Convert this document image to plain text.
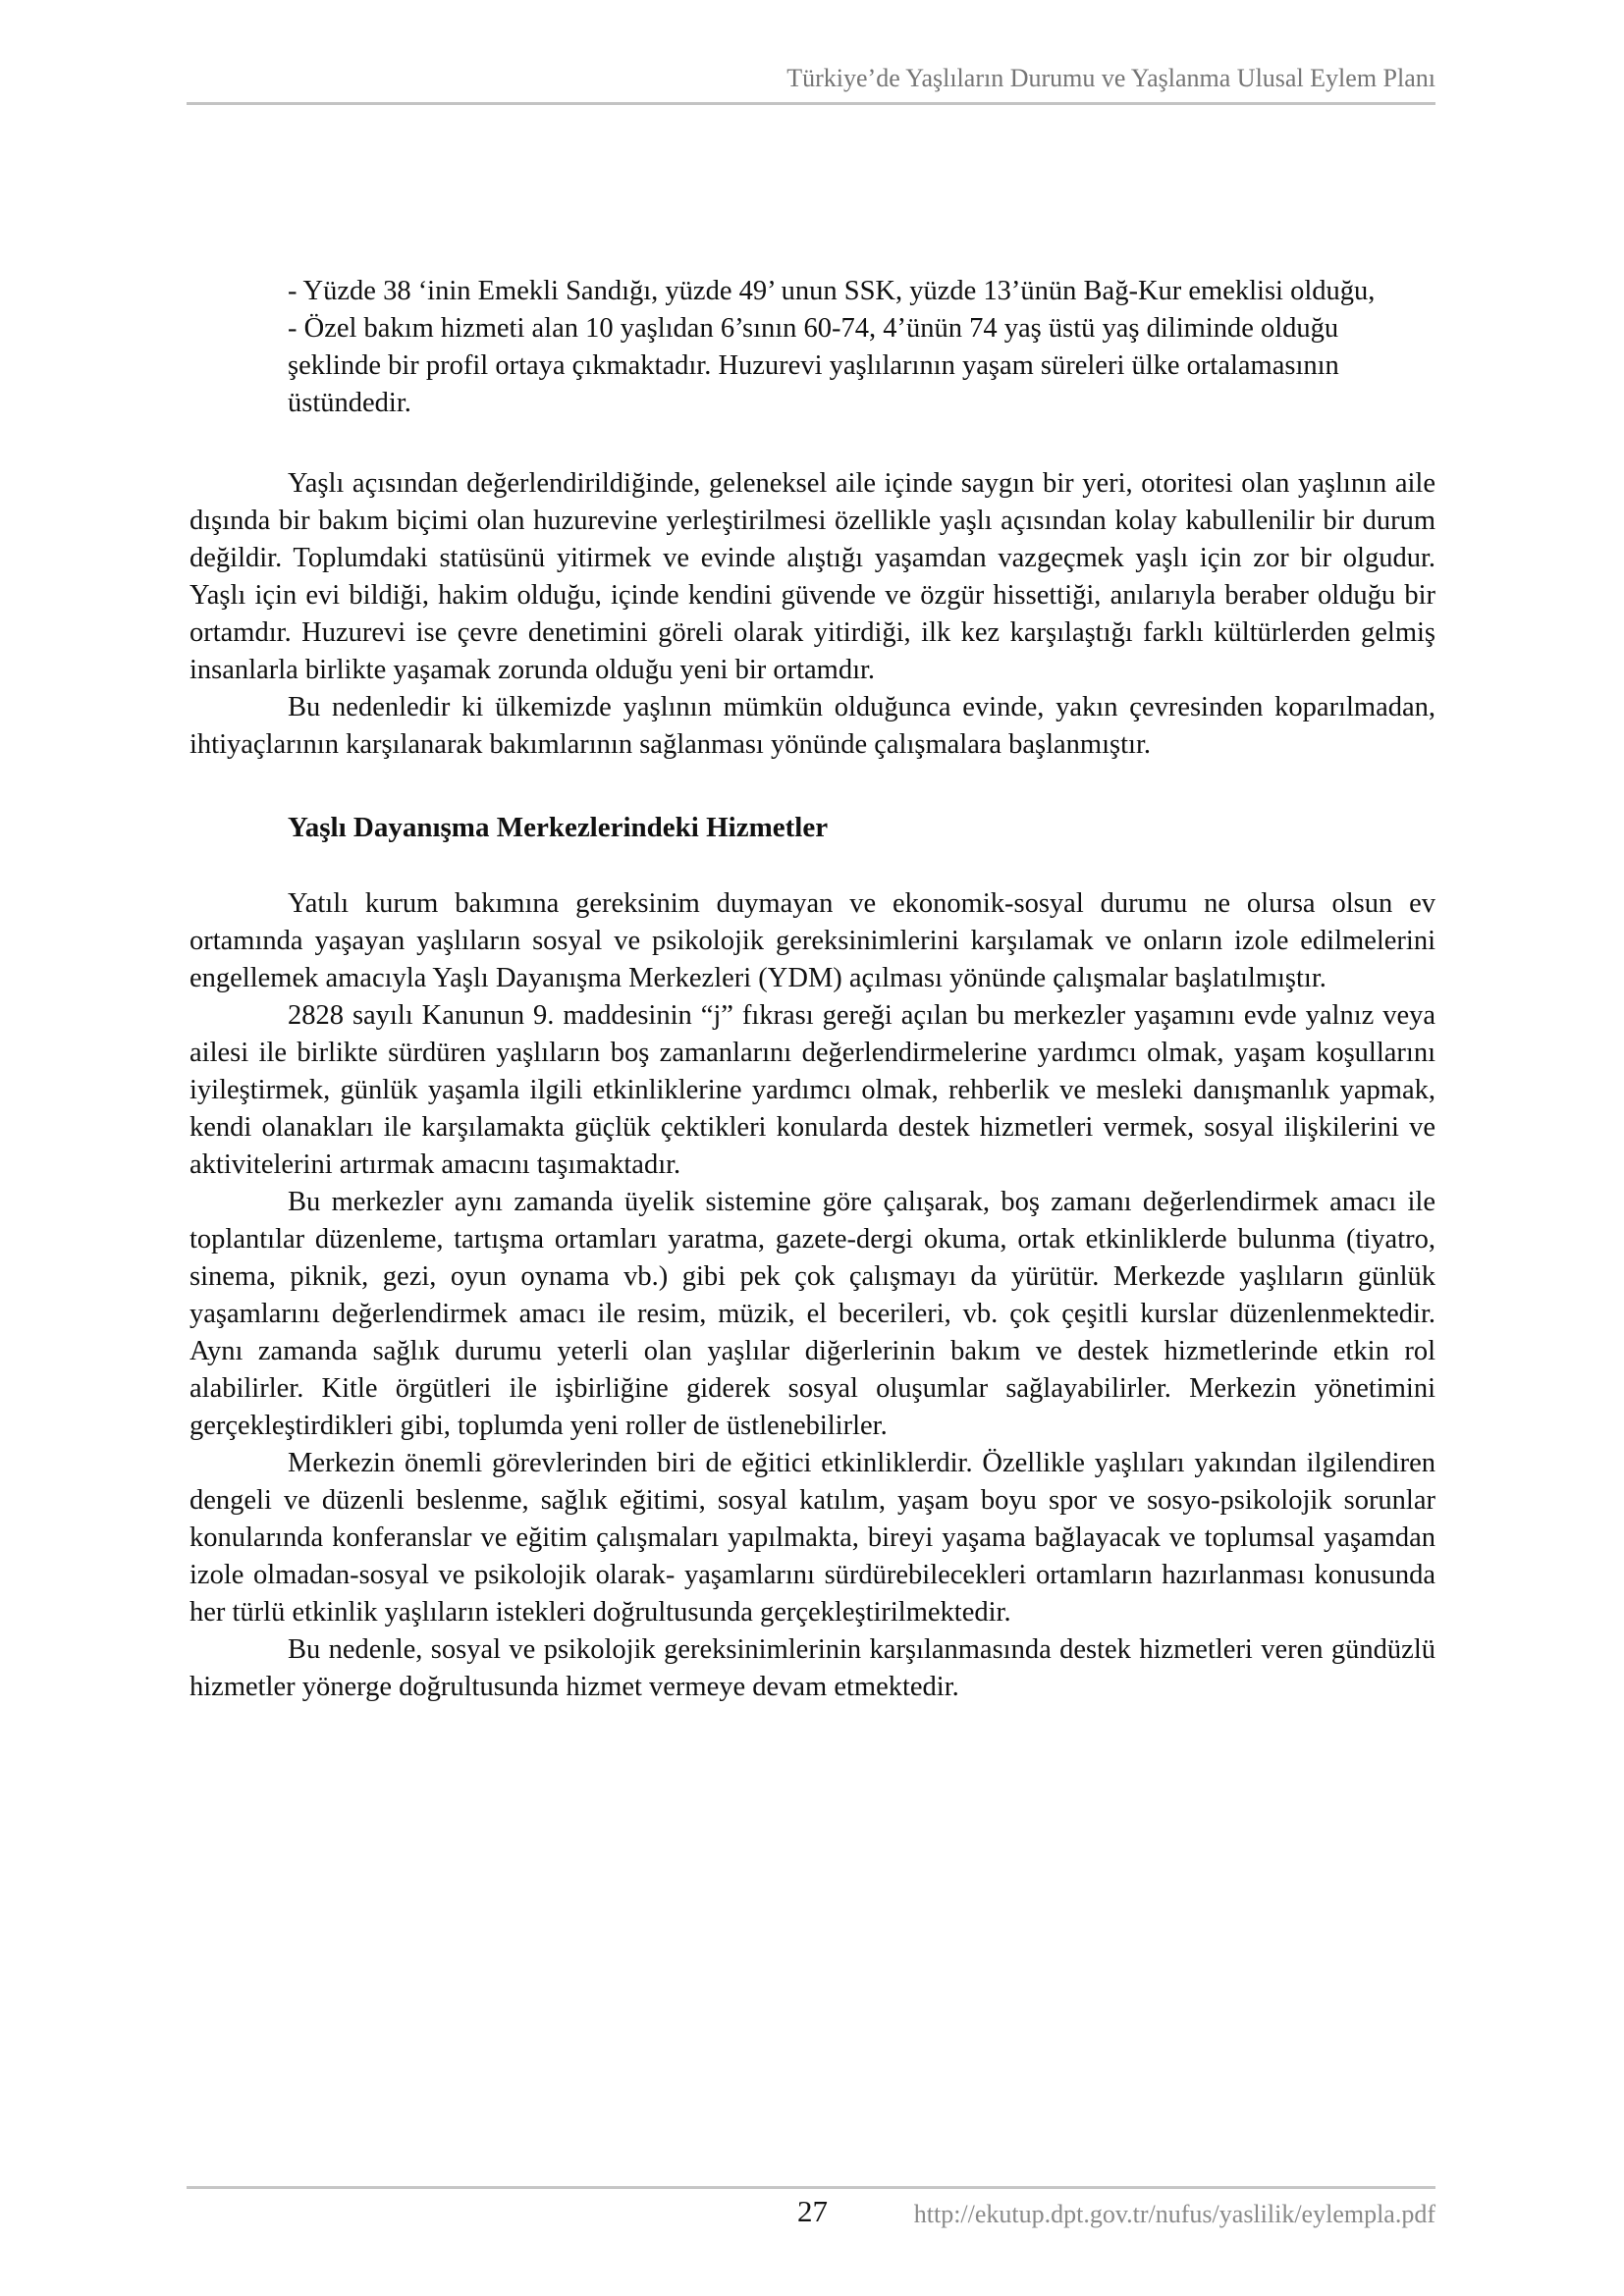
Türkiye’de Yaşlıların Durumu ve Yaşlanma Ulusal Eylem Planı

- Yüzde 38 ‘inin Emekli Sandığı, yüzde 49’ unun SSK, yüzde 13’ünün Bağ-Kur emeklisi olduğu,

- Özel bakım hizmeti alan 10 yaşlıdan 6’sının 60-74, 4’ünün 74 yaş üstü yaş diliminde olduğu şeklinde bir profil ortaya çıkmaktadır. Huzurevi yaşlılarının yaşam süreleri ülke ortalamasının üstündedir.

Yaşlı açısından değerlendirildiğinde, geleneksel aile içinde saygın bir yeri, otoritesi olan yaşlının aile dışında bir bakım biçimi olan huzurevine yerleştirilmesi özellikle yaşlı açısından kolay kabullenilir bir durum değildir. Toplumdaki statüsünü yitirmek ve evinde alıştığı yaşamdan vazgeçmek yaşlı için zor bir olgudur. Yaşlı için evi bildiği, hakim olduğu, içinde kendini güvende ve özgür hissettiği, anılarıyla beraber olduğu bir ortamdır. Huzurevi ise çevre denetimini göreli olarak yitirdiği, ilk kez karşılaştığı farklı kültürlerden gelmiş insanlarla birlikte yaşamak zorunda olduğu yeni bir ortamdır.

Bu nedenledir ki ülkemizde yaşlının mümkün olduğunca evinde, yakın çevresinden koparılmadan, ihtiyaçlarının karşılanarak bakımlarının sağlanması yönünde çalışmalara başlanmıştır.

Yaşlı Dayanışma Merkezlerindeki Hizmetler

Yatılı kurum bakımına gereksinim duymayan ve ekonomik-sosyal durumu ne olursa olsun ev ortamında yaşayan yaşlıların sosyal ve psikolojik gereksinimlerini karşılamak ve onların izole edilmelerini engellemek amacıyla Yaşlı Dayanışma Merkezleri (YDM) açılması yönünde çalışmalar başlatılmıştır.

2828 sayılı Kanunun 9. maddesinin “j” fıkrası gereği açılan bu merkezler yaşamını evde yalnız veya ailesi ile birlikte sürdüren yaşlıların boş zamanlarını değerlendirmelerine yardımcı olmak, yaşam koşullarını iyileştirmek, günlük yaşamla ilgili etkinliklerine yardımcı olmak, rehberlik ve mesleki danışmanlık yapmak, kendi olanakları ile karşılamakta güçlük çektikleri konularda destek hizmetleri vermek, sosyal ilişkilerini ve aktivitelerini artırmak amacını taşımaktadır.

Bu merkezler aynı zamanda üyelik sistemine göre çalışarak, boş zamanı değerlendirmek amacı ile toplantılar düzenleme, tartışma ortamları yaratma, gazete-dergi okuma, ortak etkinliklerde bulunma (tiyatro, sinema, piknik, gezi, oyun oynama vb.) gibi pek çok çalışmayı da yürütür. Merkezde yaşlıların günlük yaşamlarını değerlendirmek amacı ile resim, müzik, el becerileri, vb. çok çeşitli kurslar düzenlenmektedir. Aynı zamanda sağlık durumu yeterli olan yaşlılar diğerlerinin bakım ve destek hizmetlerinde etkin rol alabilirler. Kitle örgütleri ile işbirliğine giderek sosyal oluşumlar sağlayabilirler. Merkezin yönetimini gerçekleştirdikleri gibi, toplumda yeni roller de üstlenebilirler.

Merkezin önemli görevlerinden biri de eğitici etkinliklerdir. Özellikle yaşlıları yakından ilgilendiren dengeli ve düzenli beslenme, sağlık eğitimi, sosyal katılım, yaşam boyu spor ve sosyo-psikolojik sorunlar konularında konferanslar ve eğitim çalışmaları yapılmakta, bireyi yaşama bağlayacak ve toplumsal yaşamdan izole olmadan-sosyal ve psikolojik olarak- yaşamlarını sürdürebilecekleri ortamların hazırlanması konusunda her türlü etkinlik yaşlıların istekleri doğrultusunda gerçekleştirilmektedir.

Bu nedenle, sosyal ve psikolojik gereksinimlerinin karşılanmasında destek hizmetleri veren gündüzlü hizmetler yönerge doğrultusunda hizmet vermeye devam etmektedir.

27	http://ekutup.dpt.gov.tr/nufus/yaslilik/eylempla.pdf
